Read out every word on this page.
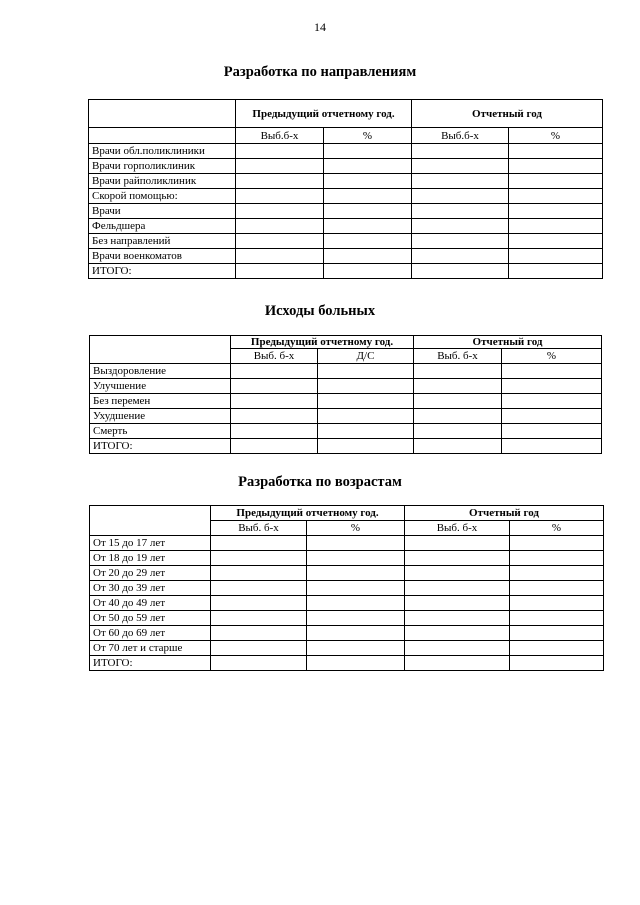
14
Разработка по направлениям
	Предыдущий отчетному год.		Отчетный год	
	Выб.б-х	%	Выб.б-х	%
Врачи обл.поликлиники				
Врачи горполиклиник				
Врачи райполиклиник				
Скорой помощью:				
Врачи				
Фельдшера				
Без направлений				
Врачи военкоматов				
ИТОГО:				
Исходы больных
	Предыдущий отчетному год.		Отчетный год	
	Выб. б-х	Д/С	Выб. б-х	%
Выздоровление				
Улучшение				
Без перемен				
Ухудшение				
Смерть				
ИТОГО:				
Разработка по возрастам
	Предыдущий отчетному год.		Отчетный год	
	Выб. б-х	%	Выб. б-х	%
От 15 до 17 лет				
От 18 до 19 лет				
От 20 до 29 лет				
От 30 до 39 лет				
От 40 до 49 лет				
От 50 до 59 лет				
От 60 до 69 лет				
От 70 лет и старше				
ИТОГО:				
